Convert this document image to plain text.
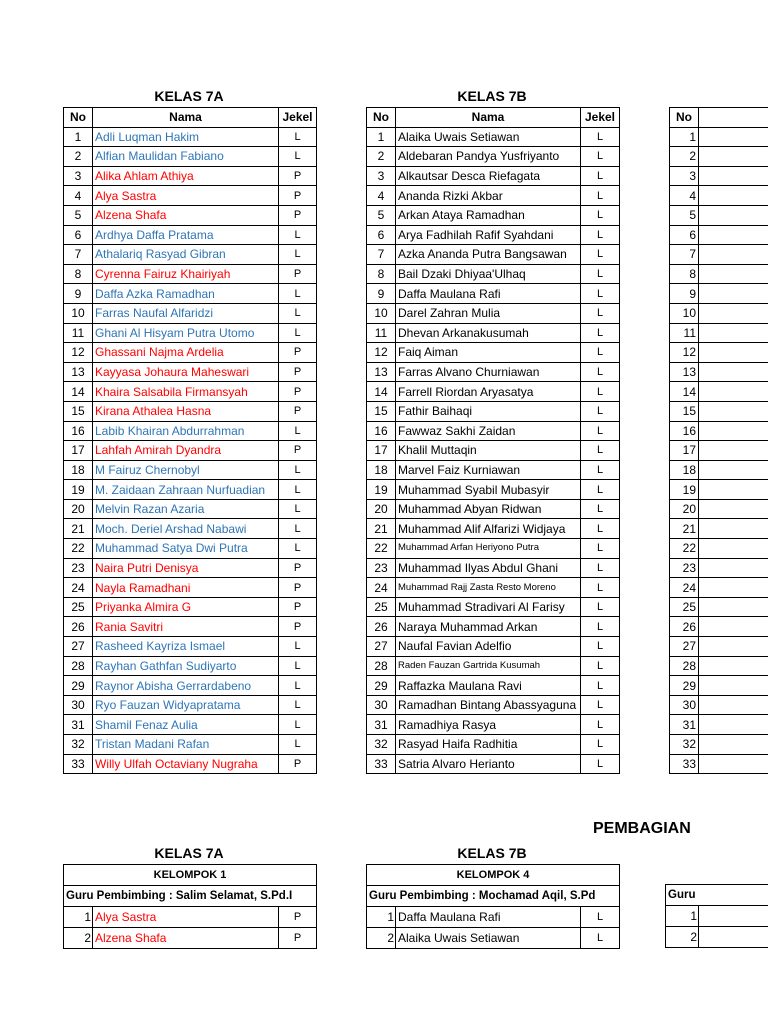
KELAS 7A	KELAS 7B
No	Nama	Jekel
1	Adli Luqman Hakim	L
2	Alfian Maulidan Fabiano	L
3	Alika Ahlam Athiya	P
4	Alya Sastra	P
5	Alzena Shafa	P
6	Ardhya Daffa Pratama	L
7	Athalariq Rasyad Gibran	L
8	Cyrenna Fairuz Khairiyah	P
9	Daffa Azka Ramadhan	L
10	Farras Naufal Alfaridzi	L
11	Ghani Al Hisyam Putra Utomo	L
12	Ghassani Najma Ardelia	P
13	Kayyasa Johaura Maheswari	P
14	Khaira Salsabila Firmansyah	P
15	Kirana Athalea Hasna	P
16	Labib Khairan Abdurrahman	L
17	Lahfah Amirah Dyandra	P
18	M Fairuz Chernobyl	L
19	M. Zaidaan Zahraan Nurfuadian	L
20	Melvin Razan Azaria	L
21	Moch. Deriel Arshad Nabawi	L
22	Muhammad Satya Dwi Putra	L
23	Naira Putri Denisya	P
24	Nayla Ramadhani	P
25	Priyanka Almira G	P
26	Rania Savitri	P
27	Rasheed Kayriza Ismael	L
28	Rayhan Gathfan Sudiyarto	L
29	Raynor Abisha Gerrardabeno	L
30	Ryo Fauzan Widyapratama	L
31	Shamil Fenaz Aulia	L
32	Tristan Madani Rafan	L
33	Willy Ulfah Octaviany Nugraha	P
No	Nama	Jekel
1	Alaika Uwais Setiawan	L
2	Aldebaran Pandya Yusfriyanto	L
3	Alkautsar Desca Riefagata	L
4	Ananda Rizki Akbar	L
5	Arkan Ataya Ramadhan	L
6	Arya Fadhilah Rafif Syahdani	L
7	Azka Ananda Putra Bangsawan	L
8	Bail Dzaki Dhiyaa'Ulhaq	L
9	Daffa Maulana Rafi	L
10	Darel Zahran Mulia	L
11	Dhevan Arkanakusumah	L
12	Faiq Aiman	L
13	Farras Alvano Churniawan	L
14	Farrell Riordan Aryasatya	L
15	Fathir Baihaqi	L
16	Fawwaz Sakhi Zaidan	L
17	Khalil Muttaqin	L
18	Marvel Faiz Kurniawan	L
19	Muhammad Syabil Mubasyir	L
20	Muhammad Abyan Ridwan	L
21	Muhammad Alif Alfarizi Widjaya	L
22	Muhammad Arfan Heriyono Putra	L
23	Muhammad Ilyas Abdul Ghani	L
24	Muhammad Rajj Zasta Resto Moreno	L
25	Muhammad Stradivari Al Farisy	L
26	Naraya Muhammad Arkan	L
27	Naufal Favian Adelfio	L
28	Raden Fauzan Gartrida Kusumah	L
29	Raffazka Maulana Ravi	L
30	Ramadhan Bintang Abassyaguna	L
31	Ramadhiya Rasya	L
32	Rasyad Haifa Radhitia	L
33	Satria Alvaro Herianto	L
No	
1	
2	
3	
4	
5	
6	
7	
8	
9	
10	
11	
12	
13	
14	
15	
16	
17	
18	
19	
20	
21	
22	
23	
24	
25	
26	
27	
28	
29	
30	
31	
32	
33	
PEMBAGIAN
KELAS 7A	KELAS 7B
KELOMPOK 1		
Guru Pembimbing : Salim Selamat, S.Pd.I		
1	Alya Sastra	P
2	Alzena Shafa	P
KELOMPOK 4		
Guru Pembimbing : Mochamad Aqil, S.Pd		
1	Daffa Maulana Rafi	L
2	Alaika Uwais Setiawan	L
Guru	
1	
2	
